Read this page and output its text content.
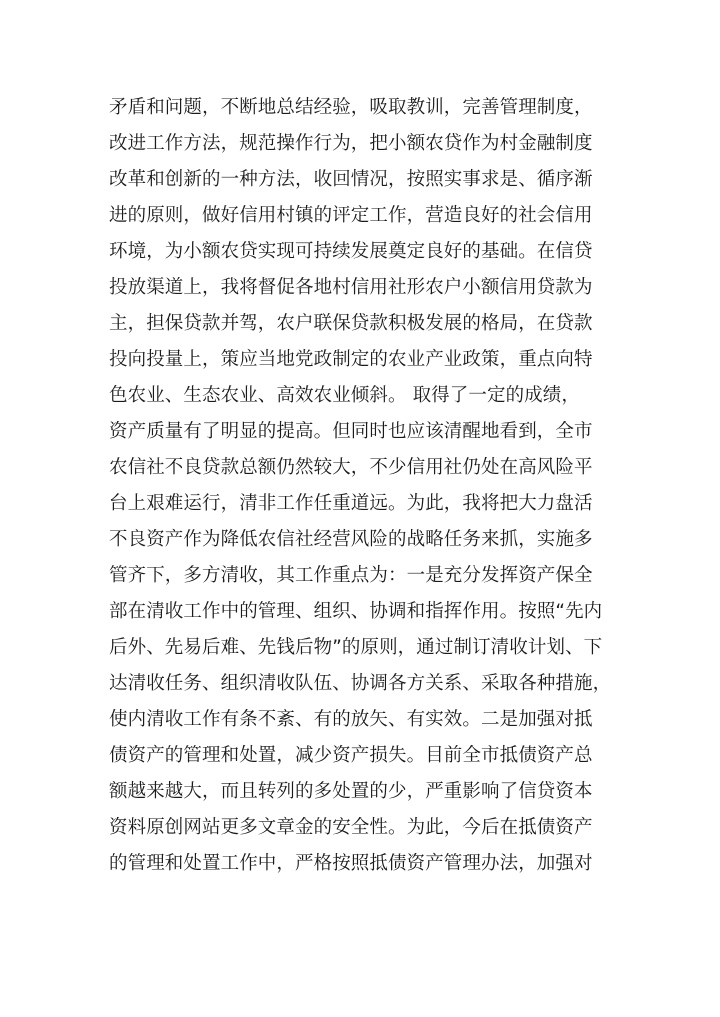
矛盾和问题，不断地总结经验，吸取教训，完善管理制度，
改进工作方法，规范操作行为，把小额农贷作为村金融制度
改革和创新的一种方法，收回情况，按照实事求是、循序渐
进的原则，做好信用村镇的评定工作，营造良好的社会信用
环境，为小额农贷实现可持续发展奠定良好的基础。在信贷
投放渠道上，我将督促各地村信用社形农户小额信用贷款为
主，担保贷款并驾，农户联保贷款积极发展的格局，在贷款
投向投量上，策应当地党政制定的农业产业政策，重点向特
色农业、生态农业、高效农业倾斜。 取得了一定的成绩，
资产质量有了明显的提高。但同时也应该清醒地看到，全市
农信社不良贷款总额仍然较大，不少信用社仍处在高风险平
台上艰难运行，清非工作任重道远。为此，我将把大力盘活
不良资产作为降低农信社经营风险的战略任务来抓，实施多
管齐下，多方清收，其工作重点为：一是充分发挥资产保全
部在清收工作中的管理、组织、协调和指挥作用。按照“先内
后外、先易后难、先钱后物”的原则，通过制订清收计划、下
达清收任务、组织清收队伍、协调各方关系、采取各种措施，
使内清收工作有条不紊、有的放矢、有实效。二是加强对抵
债资产的管理和处置，减少资产损失。目前全市抵债资产总
额越来越大，而且转列的多处置的少，严重影响了信贷资本
资料原创网站更多文章金的安全性。为此，今后在抵债资产
的管理和处置工作中，严格按照抵债资产管理办法，加强对
